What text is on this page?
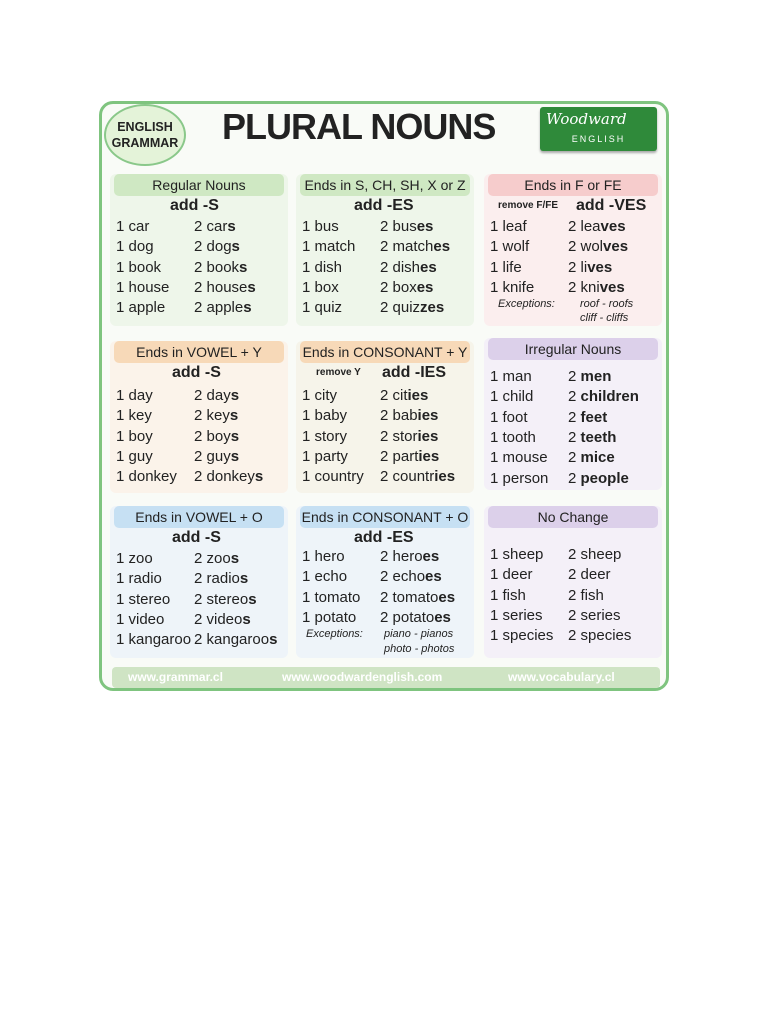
ENGLISH
GRAMMAR PLURAL NOUNS	Woodward
ENGLISH
Regular Nouns
add -S
1 car	2 cars
1 dog	2 dogs
1 book 2 books
1 house 2 houses
1 apple 2 apples
Ends in S, CH, SH, X or Z
add -ES
1 bus	2 buses
1 match 2 matches
1 dish	2 dishes
1 box	2 boxes
1 quiz	2 quizzes
Ends in F or FE
remove F/FE add -VES
1 leaf	2 leaves
1 wolf	2 wolves
1 life	2 lives
1 knife 2 knives
Exceptions: roof - roofs
cliff - cliffs
Ends in VOWEL + Y
add -S
1 day	2 days
1 key	2 keys
1 boy	2 boys
1 guy	2 guys
1 donkey 2 donkeys
Ends in CONSONANT + Y
remove Y add -IES
1 city	2 cities
1 baby 2 babies
1 story 2 stories
1 party 2 parties
1 country 2 countries
Irregular Nouns
1 man 2 men
1 child 2 children
1 foot	2 feet
1 tooth 2 teeth
1 mouse 2 mice
1 person 2 people
Ends in VOWEL + O
add -S
1 zoo	2 zoos
1 radio 2 radios
1 stereo 2 stereos
1 video 2 videos
1 kangaroo 2 kangaroos
Ends in CONSONANT + O
add -ES
1 hero 2 heroes
1 echo 2 echoes
1 tomato 2 tomatoes
1 potato 2 potatoes
Exceptions: piano - pianos
photo - photos
No Change
1 sheep 2 sheep
1 deer 2 deer
1 fish	2 fish
1 series 2 series
1 species 2 species
www.grammar.cl	www.woodwardenglish.com	www.vocabulary.cl
